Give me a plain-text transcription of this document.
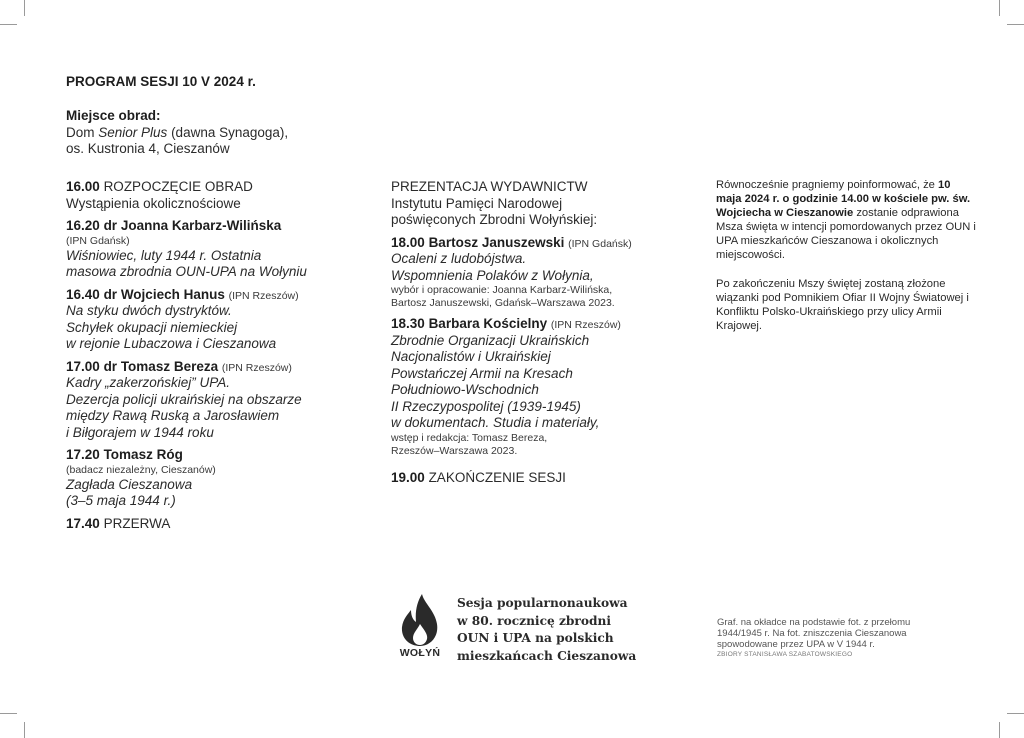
PROGRAM SESJI 10 V 2024 r.
Miejsce obrad:
Dom Senior Plus (dawna Synagoga),
os. Kustronia 4, Cieszanów
16.00 ROZPOCZĘCIE OBRAD
Wystąpienia okolicznościowe
16.20 dr Joanna Karbarz-Wilińska
(IPN Gdańsk)
Wiśniowiec, luty 1944 r. Ostatnia
masowa zbrodnia OUN-UPA na Wołyniu
16.40 dr Wojciech Hanus (IPN Rzeszów)
Na styku dwóch dystryktów.
Schyłek okupacji niemieckiej
w rejonie Lubaczowa i Cieszanowa
17.00 dr Tomasz Bereza (IPN Rzeszów)
Kadry „zakerzońskiej” UPA.
Dezercja policji ukraińskiej na obszarze
między Rawą Ruską a Jarosławiem
i Biłgorajem w 1944 roku
17.20 Tomasz Róg
(badacz niezależny, Cieszanów)
Zagłada Cieszanowa
(3–5 maja 1944 r.)
17.40 PRZERWA
PREZENTACJA WYDAWNICTW
Instytutu Pamięci Narodowej
poświęconych Zbrodni Wołyńskiej:
18.00 Bartosz Januszewski (IPN Gdańsk)
Ocaleni z ludobójstwa.
Wspomnienia Polaków z Wołynia,
wybór i opracowanie: Joanna Karbarz-Wilińska,
Bartosz Januszewski, Gdańsk–Warszawa 2023.
18.30 Barbara Kościelny (IPN Rzeszów)
Zbrodnie Organizacji Ukraińskich
Nacjonalistów i Ukraińskiej
Powstańczej Armii na Kresach
Południowo-Wschodnich
II Rzeczypospolitej (1939-1945)
w dokumentach. Studia i materiały,
wstęp i redakcja: Tomasz Bereza,
Rzeszów–Warszawa 2023.
19.00 ZAKOŃCZENIE SESJI
Równocześnie pragniemy poinformować, że 10 maja 2024 r. o godzinie 14.00 w kościele pw. św. Wojciecha w Cieszanowie zostanie odprawiona Msza święta w intencji pomordowanych przez OUN i UPA mieszkańców Cieszanowa i okolicznych miejscowości.
Po zakończeniu Mszy świętej zostaną złożone wiązanki pod Pomnikiem Ofiar II Wojny Światowej i Konfliktu Polsko-Ukraińskiego przy ulicy Armii Krajowej.
WOŁYŃ
Sesja popularnonaukowa
w 80. rocznicę zbrodni
OUN i UPA na polskich
mieszkańcach Cieszanowa
Graf. na okładce na podstawie fot. z przełomu
1944/1945 r. Na fot. zniszczenia Cieszanowa
spowodowane przez UPA w V 1944 r.
ZBIORY STANISŁAWA SZABATOWSKIEGO
